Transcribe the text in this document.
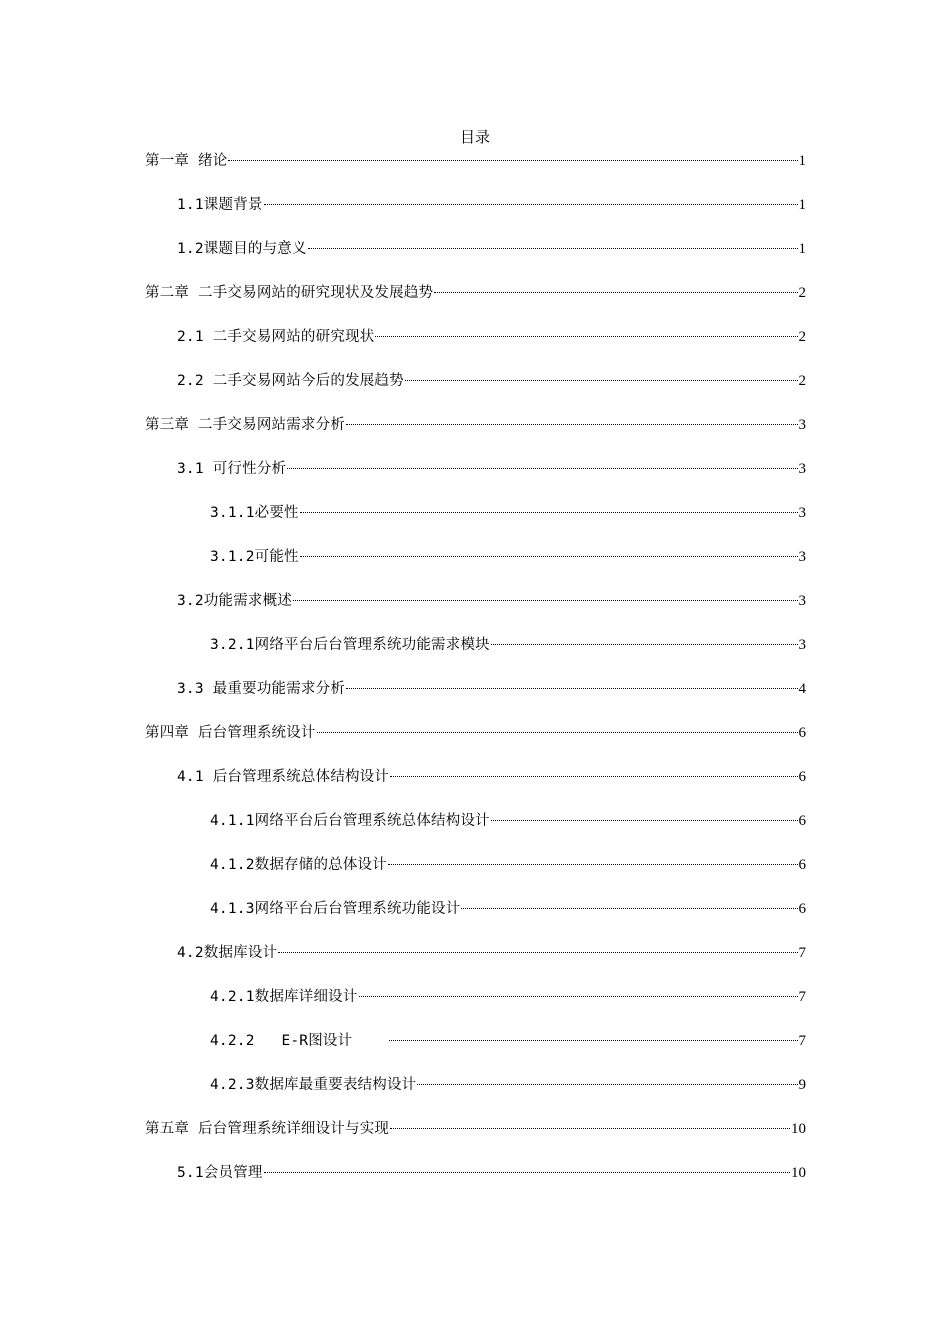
目录
第一章 绪论	1
1.1课题背景	1
1.2课题目的与意义	1
第二章 二手交易网站的研究现状及发展趋势	2
2.1 二手交易网站的研究现状	2
2.2 二手交易网站今后的发展趋势	2
第三章 二手交易网站需求分析	3
3.1 可行性分析	3
3.1.1必要性	3
3.1.2可能性	3
3.2功能需求概述	3
3.2.1网络平台后台管理系统功能需求模块	3
3.3 最重要功能需求分析	4
第四章 后台管理系统设计	6
4.1 后台管理系统总体结构设计	6
4.1.1网络平台后台管理系统总体结构设计	6
4.1.2数据存储的总体设计	6
4.1.3网络平台后台管理系统功能设计	6
4.2数据库设计	7
4.2.1数据库详细设计	7
4.2.2   E-R图设计	7
4.2.3数据库最重要表结构设计	9
第五章 后台管理系统详细设计与实现	10
5.1会员管理	10
